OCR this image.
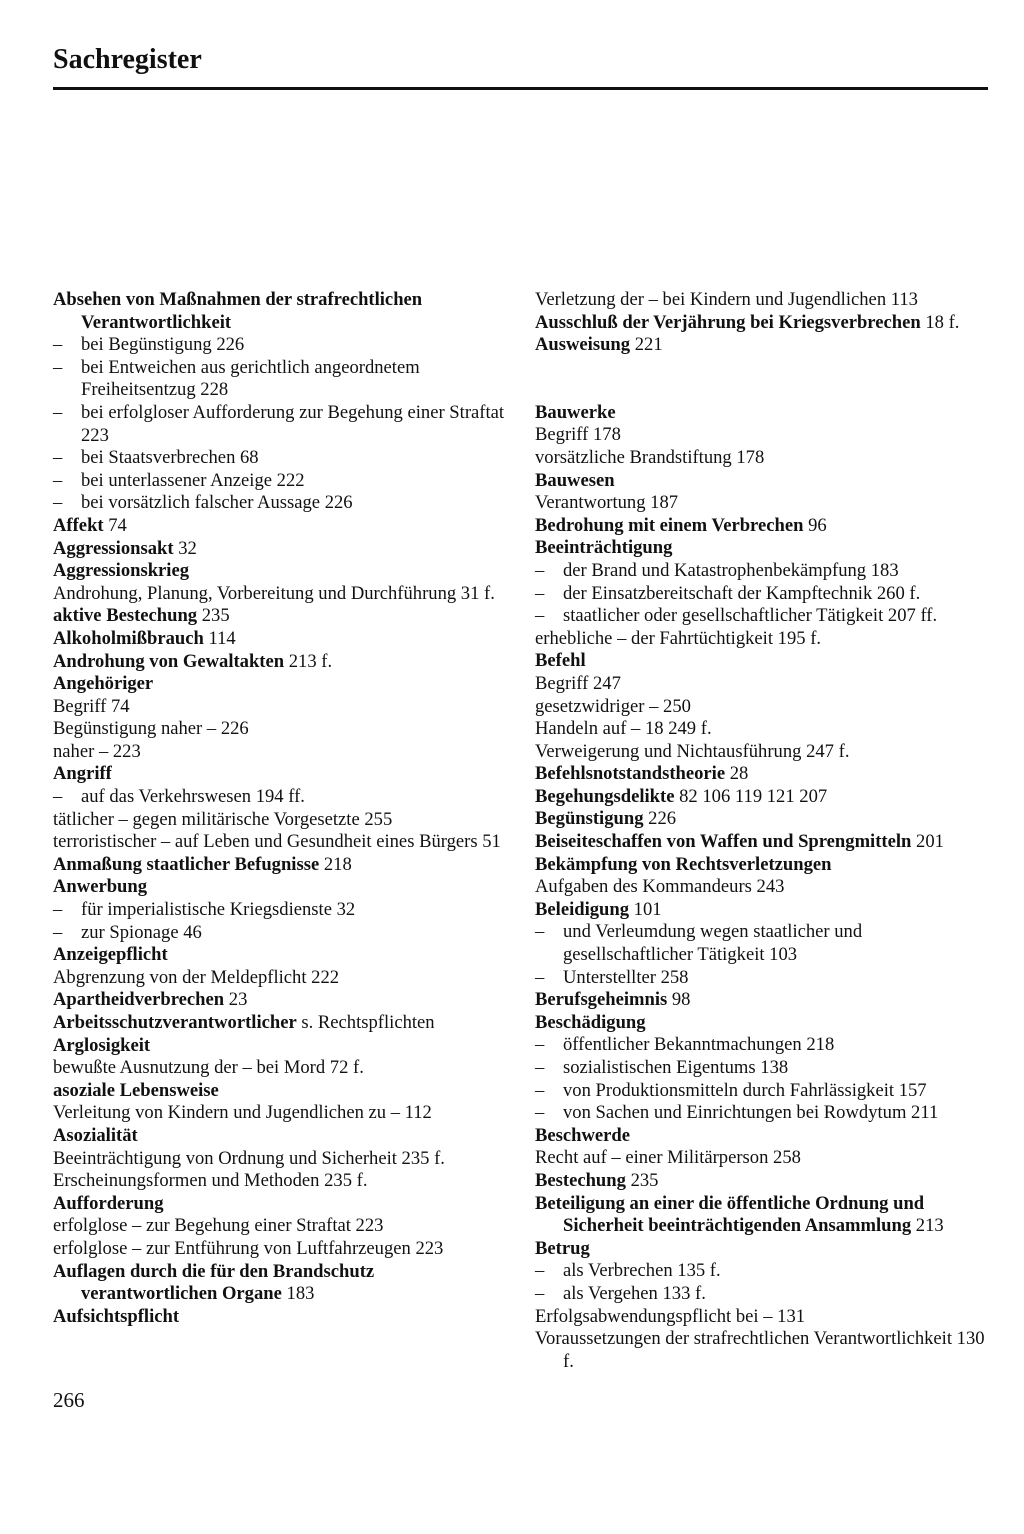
Sachregister

Absehen von Maßnahmen der strafrechtlichen Verantwortlichkeit

– bei Begünstigung 226

– bei Entweichen aus gerichtlich angeordnetem Freiheitsentzug 228

– bei erfolgloser Aufforderung zur Begehung einer Straftat 223

– bei Staatsverbrechen 68

– bei unterlassener Anzeige 222

– bei vorsätzlich falscher Aussage 226

Affekt 74

Aggressionsakt 32

Aggressionskrieg

Androhung, Planung, Vorbereitung und Durchführung 31 f.

aktive Bestechung 235

Alkoholmißbrauch 114

Androhung von Gewaltakten 213 f.

Angehöriger

Begriff 74

Begünstigung naher – 226

naher – 223

Angriff

– auf das Verkehrswesen 194 ff.

tätlicher – gegen militärische Vorgesetzte 255

terroristischer – auf Leben und Gesundheit eines Bürgers 51

Anmaßung staatlicher Befugnisse 218

Anwerbung

– für imperialistische Kriegsdienste 32

– zur Spionage 46

Anzeigepflicht

Abgrenzung von der Meldepflicht 222

Apartheidverbrechen 23

Arbeitsschutzverantwortlicher s. Rechtspflichten

Arglosigkeit

bewußte Ausnutzung der – bei Mord 72 f.

asoziale Lebensweise

Verleitung von Kindern und Jugendlichen zu – 112

Asozialität

Beeinträchtigung von Ordnung und Sicherheit 235 f.

Erscheinungsformen und Methoden 235 f.

Aufforderung

erfolglose – zur Begehung einer Straftat 223

erfolglose – zur Entführung von Luftfahrzeugen 223

Auflagen durch die für den Brandschutz verantwortlichen Organe 183

Aufsichtspflicht

Verletzung der – bei Kindern und Jugendlichen 113

Ausschluß der Verjährung bei Kriegsverbrechen 18 f.

Ausweisung 221

Bauwerke

Begriff 178

vorsätzliche Brandstiftung 178

Bauwesen

Verantwortung 187

Bedrohung mit einem Verbrechen 96

Beeinträchtigung

– der Brand und Katastrophenbekämpfung 183

– der Einsatzbereitschaft der Kampftechnik 260 f.

– staatlicher oder gesellschaftlicher Tätigkeit 207 ff.

erhebliche – der Fahrtüchtigkeit 195 f.

Befehl

Begriff 247

gesetzwidriger – 250

Handeln auf – 18 249 f.

Verweigerung und Nichtausführung 247 f.

Befehlsnotstandstheorie 28

Begehungsdelikte 82 106 119 121 207

Begünstigung 226

Beiseiteschaffen von Waffen und Sprengmitteln 201

Bekämpfung von Rechtsverletzungen

Aufgaben des Kommandeurs 243

Beleidigung 101

– und Verleumdung wegen staatlicher und gesellschaftlicher Tätigkeit 103

– Unterstellter 258

Berufsgeheimnis 98

Beschädigung

– öffentlicher Bekanntmachungen 218

– sozialistischen Eigentums 138

– von Produktionsmitteln durch Fahrlässigkeit 157

– von Sachen und Einrichtungen bei Rowdytum 211

Beschwerde

Recht auf – einer Militärperson 258

Bestechung 235

Beteiligung an einer die öffentliche Ordnung und Sicherheit beeinträchtigenden Ansammlung 213

Betrug

– als Verbrechen 135 f.

– als Vergehen 133 f.

Erfolgsabwendungspflicht bei – 131

Voraussetzungen der strafrechtlichen Verantwortlichkeit 130 f.

266
